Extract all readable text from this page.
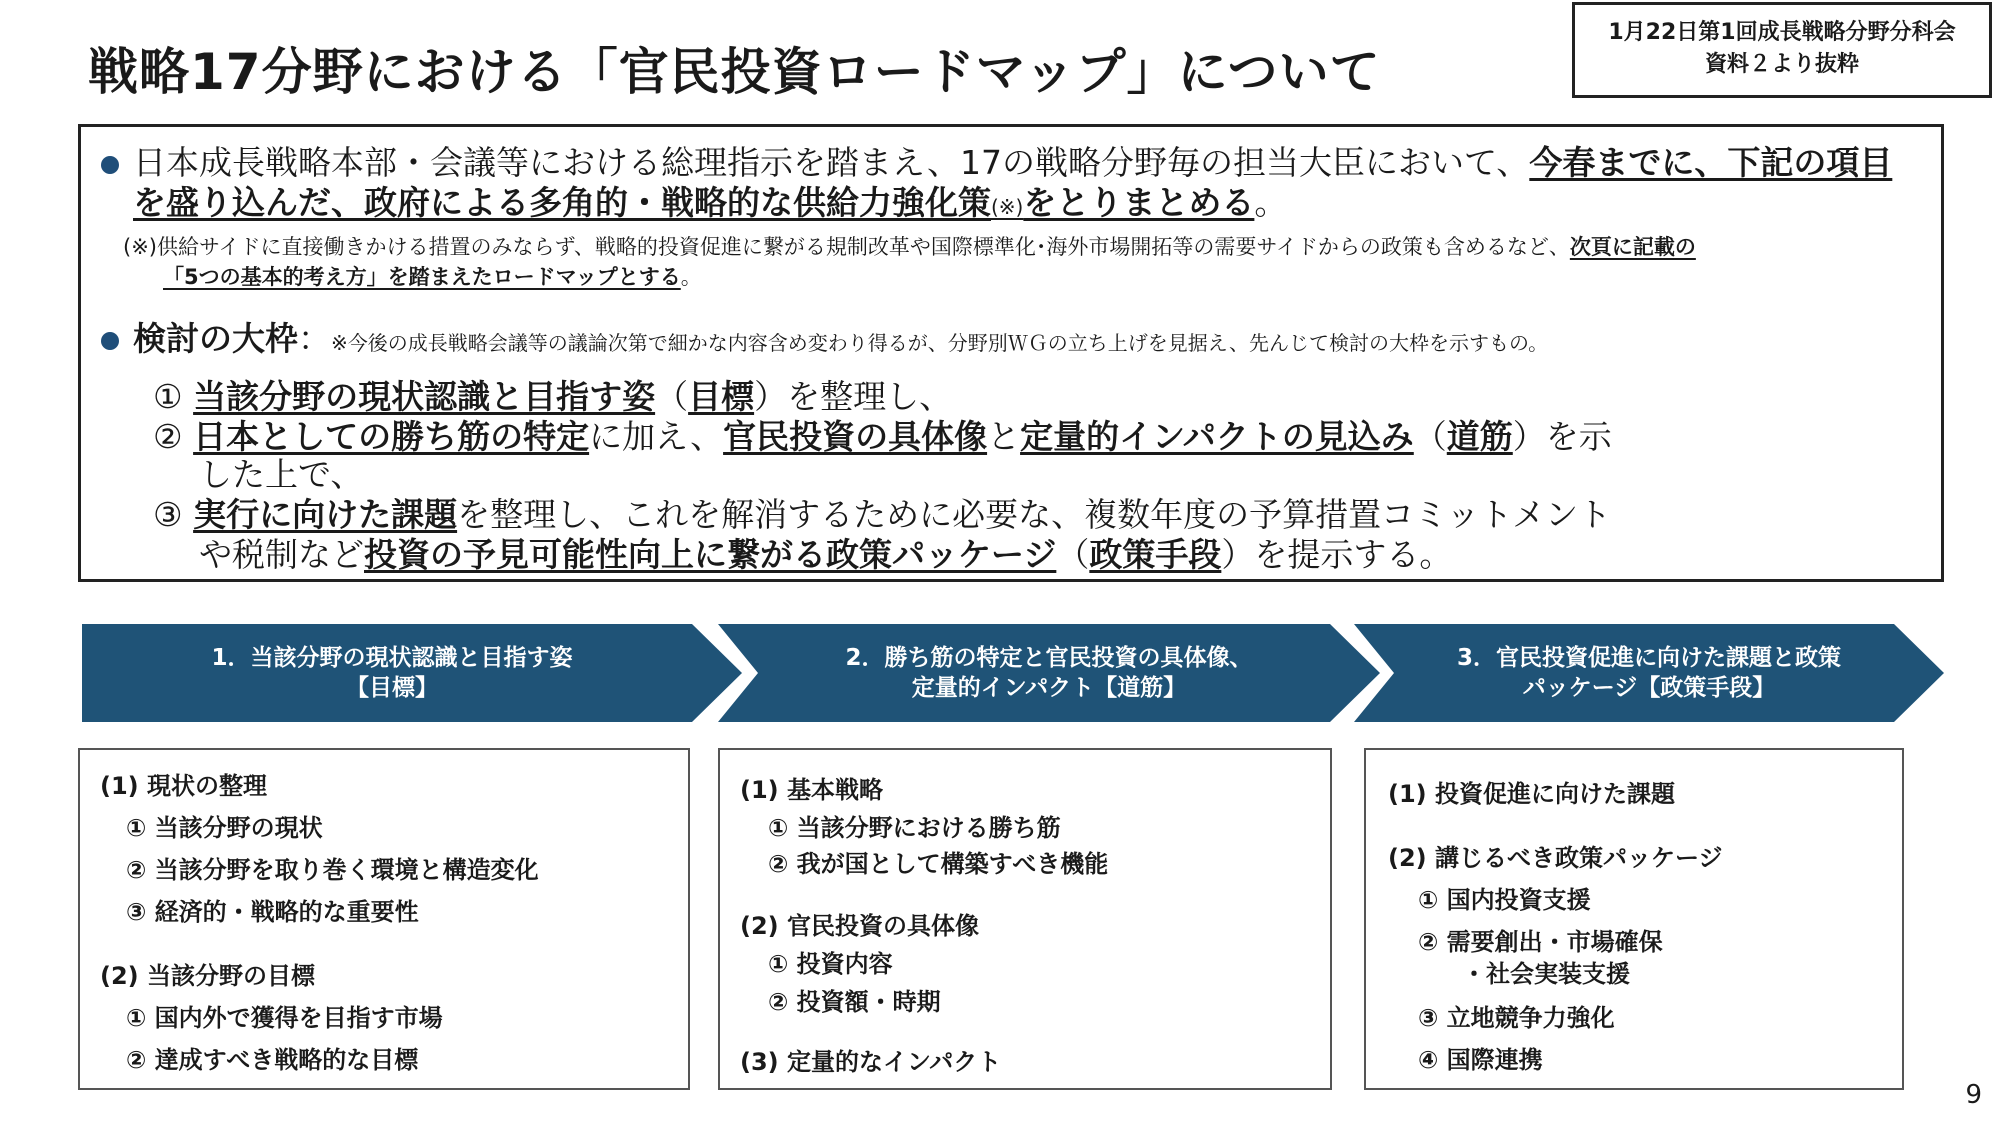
戦略17分野における「官民投資ロードマップ」について
1月22日第1回成長戦略分野分科会
資料２より抜粋
日本成長戦略本部・会議等における総理指示を踏まえ、17の戦略分野毎の担当大臣において、今春までに、下記の項目
を盛り込んだ、政府による多角的・戦略的な供給力強化策(※)をとりまとめる。
(※)供給サイドに直接働きかける措置のみならず、戦略的投資促進に繋がる規制改革や国際標準化･海外市場開拓等の需要サイドからの政策も含めるなど、次頁に記載の
「5つの基本的考え方」を踏まえたロードマップとする。
検討の大枠：※今後の成長戦略会議等の議論次第で細かな内容含め変わり得るが、分野別ＷＧの立ち上げを見据え、先んじて検討の大枠を示すもの。
① 当該分野の現状認識と目指す姿（目標）を整理し、
② 日本としての勝ち筋の特定に加え、官民投資の具体像と定量的インパクトの見込み（道筋）を示
した上で、
③ 実行に向けた課題を整理し、これを解消するために必要な、複数年度の予算措置コミットメント
や税制など投資の予見可能性向上に繋がる政策パッケージ（政策手段）を提示する。
1．当該分野の現状認識と目指す姿
【目標】
2．勝ち筋の特定と官民投資の具体像、
定量的インパクト【道筋】
3．官民投資促進に向けた課題と政策
パッケージ【政策手段】
(1) 現状の整理
① 当該分野の現状
② 当該分野を取り巻く環境と構造変化
③ 経済的・戦略的な重要性
(2) 当該分野の目標
① 国内外で獲得を目指す市場
② 達成すべき戦略的な目標
(1) 基本戦略
① 当該分野における勝ち筋
② 我が国として構築すべき機能
(2) 官民投資の具体像
① 投資内容
② 投資額・時期
(3) 定量的なインパクト
(1) 投資促進に向けた課題
(2) 講じるべき政策パッケージ
① 国内投資支援
② 需要創出・市場確保
・社会実装支援
③ 立地競争力強化
④ 国際連携
9
